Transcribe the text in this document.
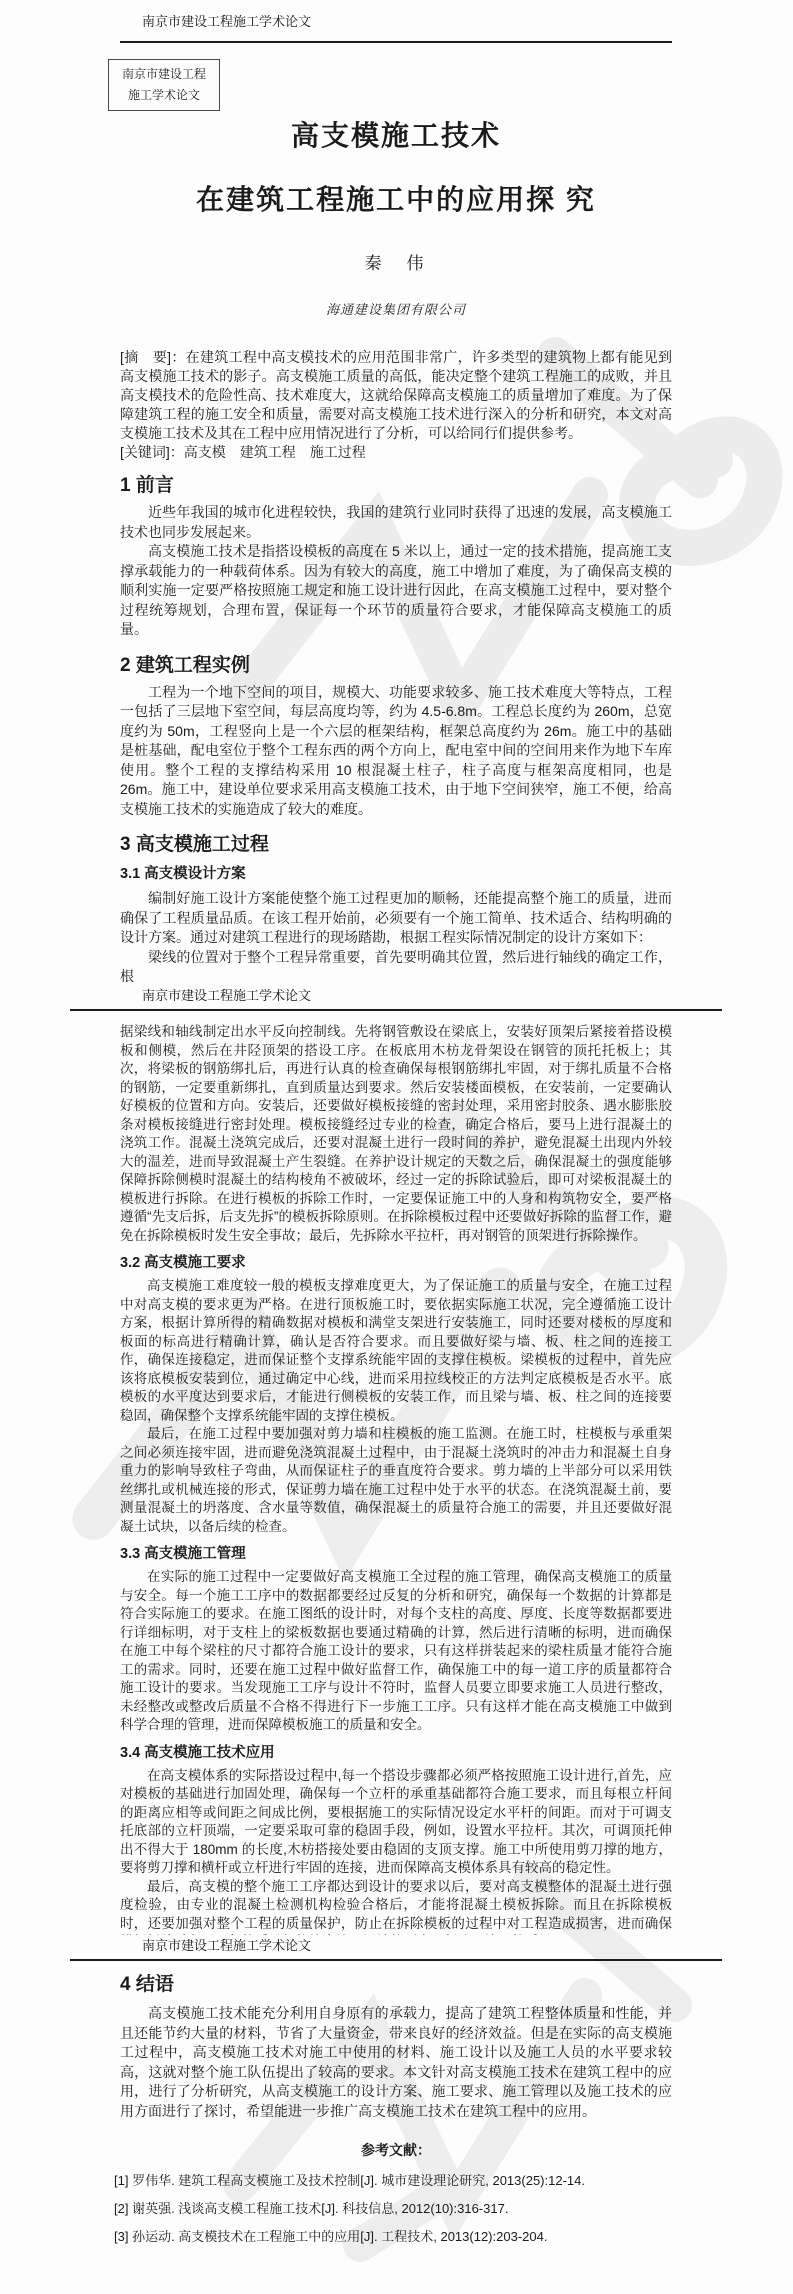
南京市建设工程施工学术论文
南京市建设工程
施工学术论文
高支模施工技术
在建筑工程施工中的应用探 究
秦　伟
海通建设集团有限公司
[摘　要]：在建筑工程中高支模技术的应用范围非常广，许多类型的建筑物上都有能见到高支模施工技术的影子。高支模施工质量的高低，能决定整个建筑工程施工的成败，并且高支模技术的危险性高、技术难度大，这就给保障高支模施工的质量增加了难度。为了保障建筑工程的施工安全和质量，需要对高支模施工技术进行深入的分析和研究，本文对高支模施工技术及其在工程中应用情况进行了分析，可以给同行们提供参考。
[关键词]：高支模　建筑工程　施工过程
1 前言

近些年我国的城市化进程较快，我国的建筑行业同时获得了迅速的发展，高支模施工技术也同步发展起来。

高支模施工技术是指搭设模板的高度在 5 米以上，通过一定的技术措施，提高施工支撑承载能力的一种载荷体系。因为有较大的高度，施工中增加了难度，为了确保高支模的顺利实施一定要严格按照施工规定和施工设计进行因此，在高支模施工过程中，要对整个过程统筹规划，合理布置，保证每一个环节的质量符合要求，才能保障高支模施工的质量。

2 建筑工程实例

工程为一个地下空间的项目，规模大、功能要求较多、施工技术难度大等特点，工程一包括了三层地下室空间，每层高度均等，约为 4.5-6.8m。工程总长度约为 260m，总宽度约为 50m，工程竖向上是一个六层的框架结构，框架总高度约为 26m。施工中的基础是桩基础，配电室位于整个工程东西的两个方向上，配电室中间的空间用来作为地下车库使用。整个工程的支撑结构采用 10 根混凝土柱子，柱子高度与框架高度相同，也是 26m。施工中，建设单位要求采用高支模施工技术，由于地下空间狭窄，施工不便，给高支模施工技术的实施造成了较大的难度。

3 高支模施工过程
3.1 高支模设计方案

编制好施工设计方案能使整个施工过程更加的顺畅，还能提高整个施工的质量，进而确保了工程质量品质。在该工程开始前，必须要有一个施工简单、技术适合、结构明确的设计方案。通过对建筑工程进行的现场踏勘，根据工程实际情况制定的设计方案如下：

梁线的位置对于整个工程异常重要，首先要明确其位置，然后进行轴线的确定工作，根

南京市建设工程施工学术论文

据梁线和轴线制定出水平反向控制线。先将钢管敷设在梁底上，安装好顶架后紧接着搭设模板和侧模，然后在井陉顶架的搭设工序。在板底用木枋龙骨架设在钢管的顶托托板上；其次，将梁板的钢筋绑扎后，再进行认真的检查确保每根钢筋绑扎牢固，对于绑扎质量不合格的钢筋，一定要重新绑扎，直到质量达到要求。然后安装楼面模板，在安装前，一定要确认好模板的位置和方向。安装后，还要做好模板接缝的密封处理，采用密封胶条、遇水膨胀胶条对模板接缝进行密封处理。模板接缝经过专业的检查，确定合格后，要马上进行混凝土的浇筑工作。混凝土浇筑完成后，还要对混凝土进行一段时间的养护，避免混凝土出现内外较大的温差，进而导致混凝土产生裂缝。在养护设计规定的天数之后，确保混凝土的强度能够保障拆除侧模时混凝土的结构棱角不被破坏，经过一定的拆除试验后，即可对梁板混凝土的模板进行拆除。在进行模板的拆除工作时，一定要保证施工中的人身和构筑物安全，要严格遵循“先支后拆，后支先拆”的模板拆除原则。在拆除模板过程中还要做好拆除的监督工作，避免在拆除模板时发生安全事故；最后，先拆除水平拉杆，再对钢管的顶架进行拆除操作。

3.2 高支模施工要求

高支模施工难度较一般的模板支撑难度更大，为了保证施工的质量与安全，在施工过程中对高支模的要求更为严格。在进行顶板施工时，要依据实际施工状况，完全遵循施工设计方案，根据计算所得的精确数据对模板和满堂支架进行安装施工，同时还要对楼板的厚度和板面的标高进行精确计算，确认是否符合要求。而且要做好梁与墙、板、柱之间的连接工作，确保连接稳定，进而保证整个支撑系统能牢固的支撑住模板。梁模板的过程中，首先应该将底模板安装到位，通过确定中心线，进而采用拉线校正的方法判定底模板是否水平。底模板的水平度达到要求后，才能进行侧模板的安装工作，而且梁与墙、板、柱之间的连接要稳固，确保整个支撑系统能牢固的支撑住模板。

最后，在施工过程中要加强对剪力墙和柱模板的施工监测。在施工时，柱模板与承重架之间必须连接牢固，进而避免浇筑混凝土过程中，由于混凝土浇筑时的冲击力和混凝土自身重力的影响导致柱子弯曲，从而保证柱子的垂直度符合要求。剪力墙的上半部分可以采用铁丝绑扎或机械连接的形式，保证剪力墙在施工过程中处于水平的状态。在浇筑混凝土前，要测量混凝土的坍落度、含水量等数值，确保混凝土的质量符合施工的需要，并且还要做好混凝土试块，以备后续的检查。

3.3 高支模施工管理

在实际的施工过程中一定要做好高支模施工全过程的施工管理，确保高支模施工的质量与安全。每一个施工工序中的数据都要经过反复的分析和研究，确保每一个数据的计算都是符合实际施工的要求。在施工图纸的设计时，对每个支柱的高度、厚度、长度等数据都要进行详细标明，对于支柱上的梁板数据也要通过精确的计算，然后进行清晰的标明，进而确保在施工中每个梁柱的尺寸都符合施工设计的要求，只有这样拼装起来的梁柱质量才能符合施工的需求。同时，还要在施工过程中做好监督工作，确保施工中的每一道工序的质量都符合施工设计的要求。当发现施工工序与设计不符时，监督人员要立即要求施工人员进行整改，未经整改或整改后质量不合格不得进行下一步施工工序。只有这样才能在高支模施工中做到科学合理的管理，进而保障模板施工的质量和安全。

3.4 高支模施工技术应用

在高支模体系的实际搭设过程中,每一个搭设步骤都必须严格按照施工设计进行,首先，应对模板的基础进行加固处理，确保每一个立杆的承重基础都符合施工要求，而且每根立杆间的距离应相等或间距之间成比例，要根据施工的实际情况设定水平杆的间距。而对于可调支托底部的立杆顶端，一定要采取可靠的稳固手段，例如，设置水平拉杆。其次，可调顶托伸出不得大于 180mm 的长度,木枋搭接处要由稳固的支顶支撑。施工中所使用剪刀撑的地方，要将剪刀撑和横杆或立杆进行牢固的连接，进而保障高支模体系具有较高的稳定性。

最后，高支模的整个施工工序都达到设计的要求以后，要对高支模整体的混凝土进行强度检验，由专业的混凝土检测机构检验合格后，才能将混凝土模板拆除。而且在拆除模板时，还要加强对整个工程的质量保护，防止在拆除模板的过程中对工程造成损害，进而确保

南京市建设工程施工学术论文
4 结语

高支模施工技术能充分利用自身原有的承载力，提高了建筑工程整体质量和性能，并且还能节约大量的材料，节省了大量资金，带来良好的经济效益。但是在实际的高支模施工过程中，高支模施工技术对施工中使用的材料、施工设计以及施工人员的水平要求较高，这就对整个施工队伍提出了较高的要求。本文针对高支模施工技术在建筑工程中的应用，进行了分析研究，从高支模施工的设计方案、施工要求、施工管理以及施工技术的应用方面进行了探讨，希望能进一步推广高支模施工技术在建筑工程中的应用。

参考文献：

[1] 罗伟华. 建筑工程高支模施工及技术控制[J]. 城市建设理论研究, 2013(25):12-14.

[2] 谢英强. 浅谈高支模工程施工技术[J]. 科技信息, 2012(10):316-317.

[3] 孙运动. 高支模技术在工程施工中的应用[J]. 工程技术, 2013(12):203-204.
